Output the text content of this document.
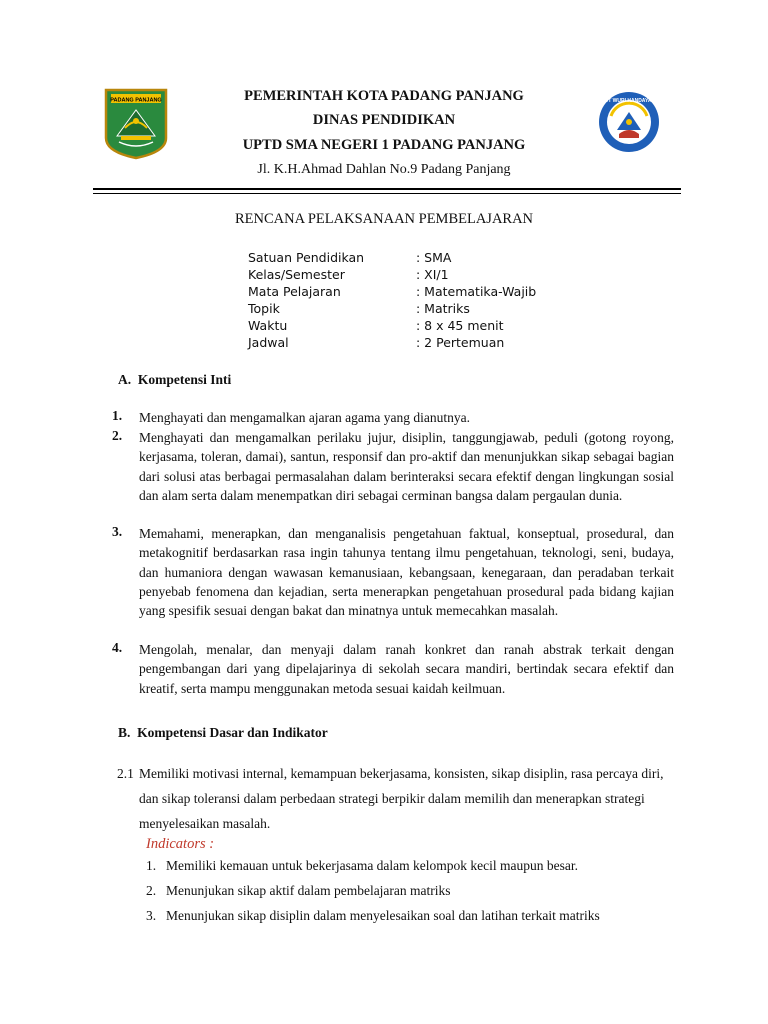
PADANG PANJANG	TUT WURI HANDAYANI
PEMERINTAH KOTA PADANG PANJANG
DINAS PENDIDIKAN
UPTD SMA NEGERI 1 PADANG PANJANG
Jl. K.H.Ahmad Dahlan No.9 Padang Panjang
RENCANA PELAKSANAAN PEMBELAJARAN
Satuan Pendidikan	: SMA
Kelas/Semester	: XI/1
Mata Pelajaran	: Matematika-Wajib
Topik	: Matriks
Waktu	: 8 x 45 menit
Jadwal	: 2 Pertemuan
A.  Kompetensi Inti
1. Menghayati dan mengamalkan ajaran agama yang dianutnya.
2. Menghayati dan mengamalkan perilaku jujur, disiplin, tanggungjawab, peduli (gotong royong, kerjasama, toleran, damai), santun, responsif dan pro-aktif dan menunjukkan sikap sebagai bagian dari solusi atas berbagai permasalahan dalam berinteraksi secara efektif dengan lingkungan sosial dan alam serta dalam menempatkan diri sebagai cerminan bangsa dalam pergaulan dunia.
3. Memahami, menerapkan, dan menganalisis pengetahuan faktual, konseptual, prosedural, dan metakognitif berdasarkan rasa ingin tahunya tentang ilmu pengetahuan, teknologi, seni, budaya, dan humaniora dengan wawasan kemanusiaan, kebangsaan, kenegaraan, dan peradaban terkait penyebab fenomena dan kejadian, serta menerapkan pengetahuan prosedural pada bidang kajian yang spesifik sesuai dengan bakat dan minatnya untuk memecahkan masalah.
4. Mengolah, menalar, dan menyaji dalam ranah konkret dan ranah abstrak terkait dengan pengembangan dari yang dipelajarinya di sekolah secara mandiri, bertindak secara efektif dan kreatif, serta mampu menggunakan metoda sesuai kaidah keilmuan.
B.  Kompetensi Dasar dan Indikator
2.1 Memiliki motivasi internal, kemampuan bekerjasama, konsisten, sikap disiplin, rasa percaya diri, dan sikap toleransi dalam perbedaan strategi berpikir dalam memilih dan menerapkan strategi menyelesaikan masalah.
Indicators :
1. Memiliki kemauan untuk bekerjasama dalam kelompok kecil maupun besar.
2. Menunjukan sikap aktif dalam pembelajaran matriks
3. Menunjukan sikap disiplin dalam menyelesaikan soal dan latihan terkait matriks
